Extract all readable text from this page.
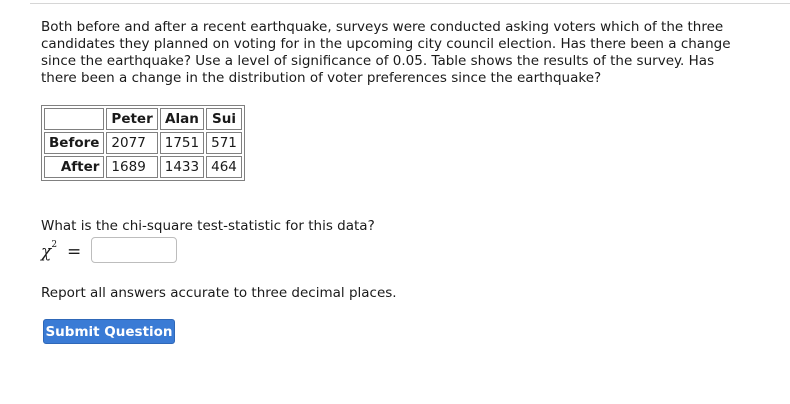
Both before and after a recent earthquake, surveys were conducted asking voters which of the three candidates they planned on voting for in the upcoming city council election. Has there been a change since the earthquake? Use a level of significance of 0.05. Table shows the results of the survey. Has there been a change in the distribution of voter preferences since the earthquake?
	Peter	Alan	Sui
Before	2077	1751	571
After	1689	1433	464
What is the chi-square test-statistic for this data?
$\chi^2$ =
Report all answers accurate to three decimal places.
Submit Question
